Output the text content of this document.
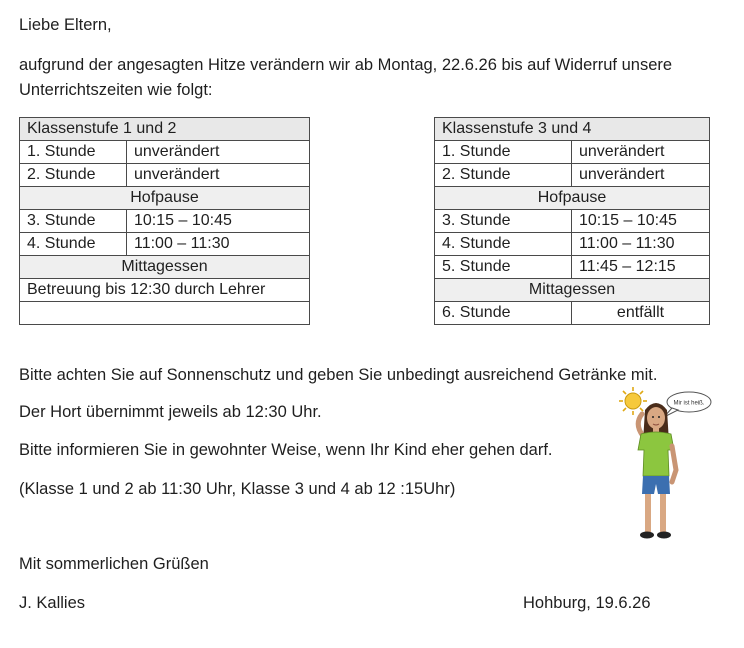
Liebe Eltern,

aufgrund der angesagten Hitze verändern wir ab Montag, 22.6.26 bis auf Widerruf unsere

Unterrichtszeiten wie folgt:

Klassenstufe 1 und 2	
1. Stunde	unverändert
2. Stunde	unverändert
Hofpause	
3. Stunde	10:15 – 10:45
4. Stunde	11:00 – 11:30
Mittagessen	
Betreuung bis 12:30 durch Lehrer	

Klassenstufe 3 und 4	
1. Stunde	unverändert
2. Stunde	unverändert
Hofpause	
3. Stunde	10:15 – 10:45
4. Stunde	11:00 – 11:30
5. Stunde	11:45 – 12:15
Mittagessen	
6. Stunde	entfällt

Bitte achten Sie auf Sonnenschutz und geben Sie unbedingt ausreichend Getränke mit.

Der Hort übernimmt jeweils ab 12:30 Uhr.

Bitte informieren Sie in gewohnter Weise, wenn Ihr Kind eher gehen darf.

(Klasse 1 und 2 ab 11:30 Uhr, Klasse 3 und 4 ab 12 :15Uhr)

Mir ist heiß.

Mit sommerlichen Grüßen

J. Kallies	Hohburg, 19.6.26
